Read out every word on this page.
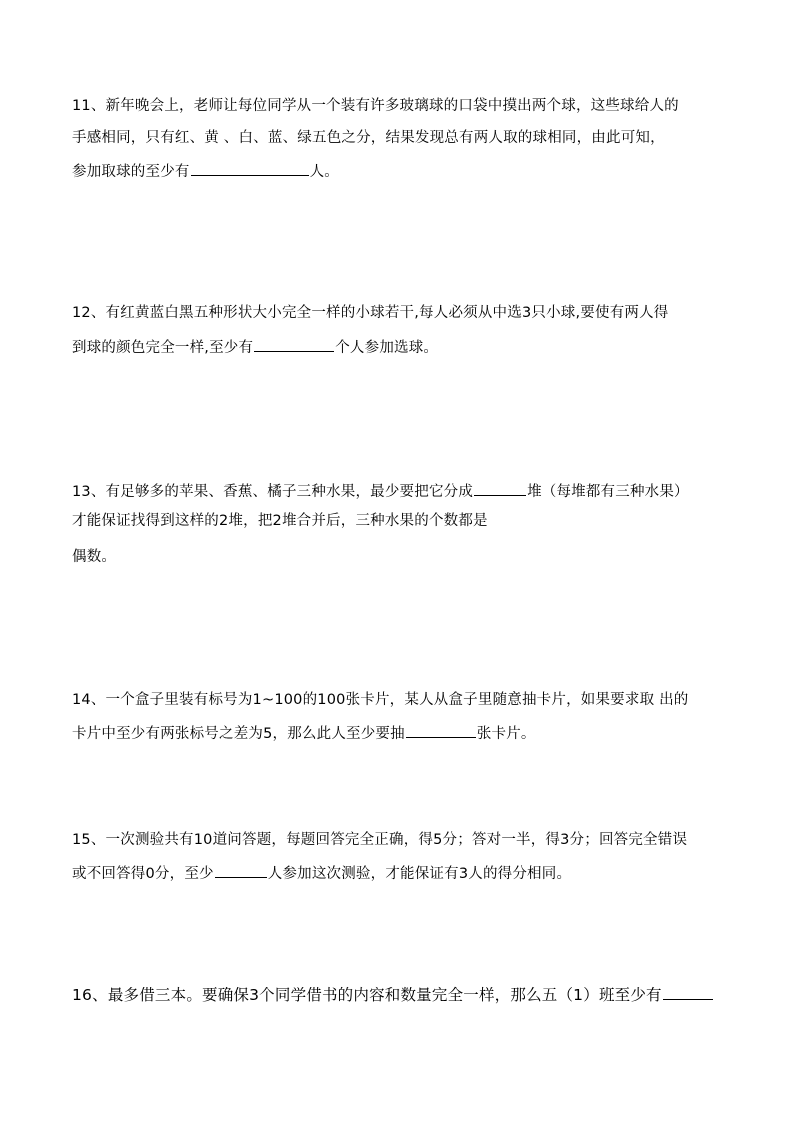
11、新年晚会上，老师让每位同学从一个装有许多玻璃球的口袋中摸出两个球，这些球给人的
手感相同，只有红、黄 、白、蓝、绿五色之分，结果发现总有两人取的球相同，由此可知，
参加取球的至少有	人。
12、有红黄蓝白黑五种形状大小完全一样的小球若干,每人必须从中选3只小球,要使有两人得
到球的颜色完全一样,至少有	个人参加选球。
13、有足够多的苹果、香蕉、橘子三种水果，最少要把它分成	堆（每堆都有三种水果）
才能保证找得到这样的2堆，把2堆合并后，三种水果的个数都是
偶数。
14、一个盒子里装有标号为1~100的100张卡片，某人从盒子里随意抽卡片，如果要求取 出的
卡片中至少有两张标号之差为5，那么此人至少要抽	张卡片。
15、一次测验共有10道问答题，每题回答完全正确，得5分；答对一半，得3分；回答完全错误
或不回答得0分，至少	人参加这次测验，才能保证有3人的得分相同。
16、最多借三本。要确保3个同学借书的内容和数量完全一样，那么五（1）班至少有
